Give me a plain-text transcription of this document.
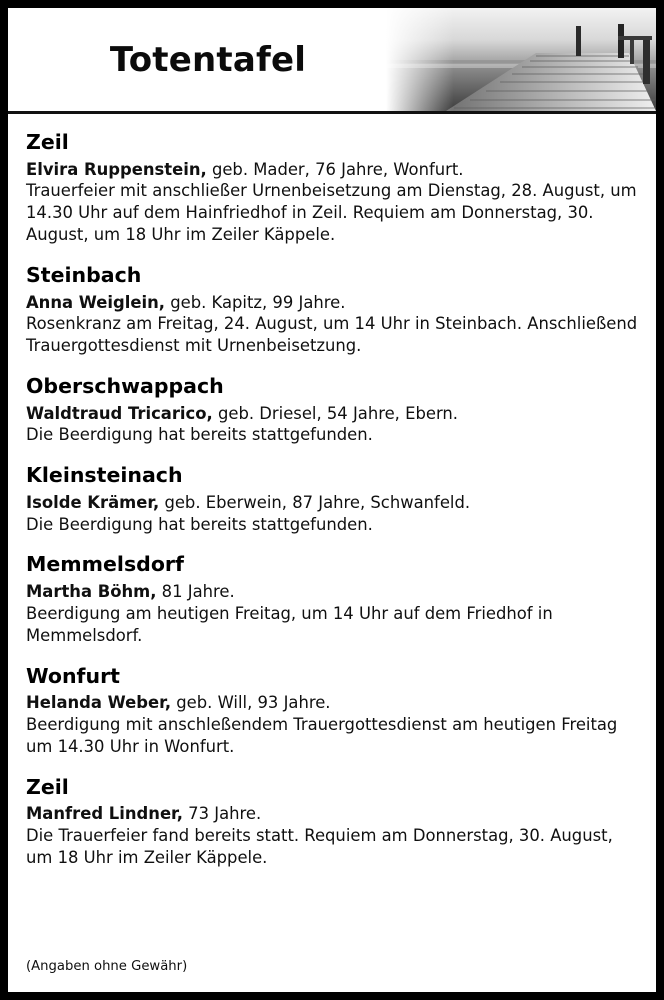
Totentafel
Zeil
Elvira Ruppenstein, geb. Mader, 76 Jahre, Wonfurt.
Trauerfeier mit anschließer Urnenbeisetzung am Dienstag, 28. August, um 14.30 Uhr auf dem Hainfriedhof in Zeil. Requiem am Donnerstag, 30. August, um 18 Uhr im Zeiler Käppele.
Steinbach
Anna Weiglein, geb. Kapitz, 99 Jahre.
Rosenkranz am Freitag, 24. August, um 14 Uhr in Steinbach. Anschließend Trauergottesdienst mit Urnenbeisetzung.
Oberschwappach
Waldtraud Tricarico, geb. Driesel, 54 Jahre, Ebern.
Die Beerdigung hat bereits stattgefunden.
Kleinsteinach
Isolde Krämer, geb. Eberwein, 87 Jahre, Schwanfeld.
Die Beerdigung hat bereits stattgefunden.
Memmelsdorf
Martha Böhm, 81 Jahre.
Beerdigung am heutigen Freitag, um 14 Uhr auf dem Friedhof in Memmelsdorf.
Wonfurt
Helanda Weber, geb. Will, 93 Jahre.
Beerdigung mit anschleßendem Trauergottesdienst am heutigen Freitag um 14.30 Uhr in Wonfurt.
Zeil
Manfred Lindner, 73 Jahre.
Die Trauerfeier fand bereits statt. Requiem am Donnerstag, 30. August, um 18 Uhr im Zeiler Käppele.
(Angaben ohne Gewähr)
